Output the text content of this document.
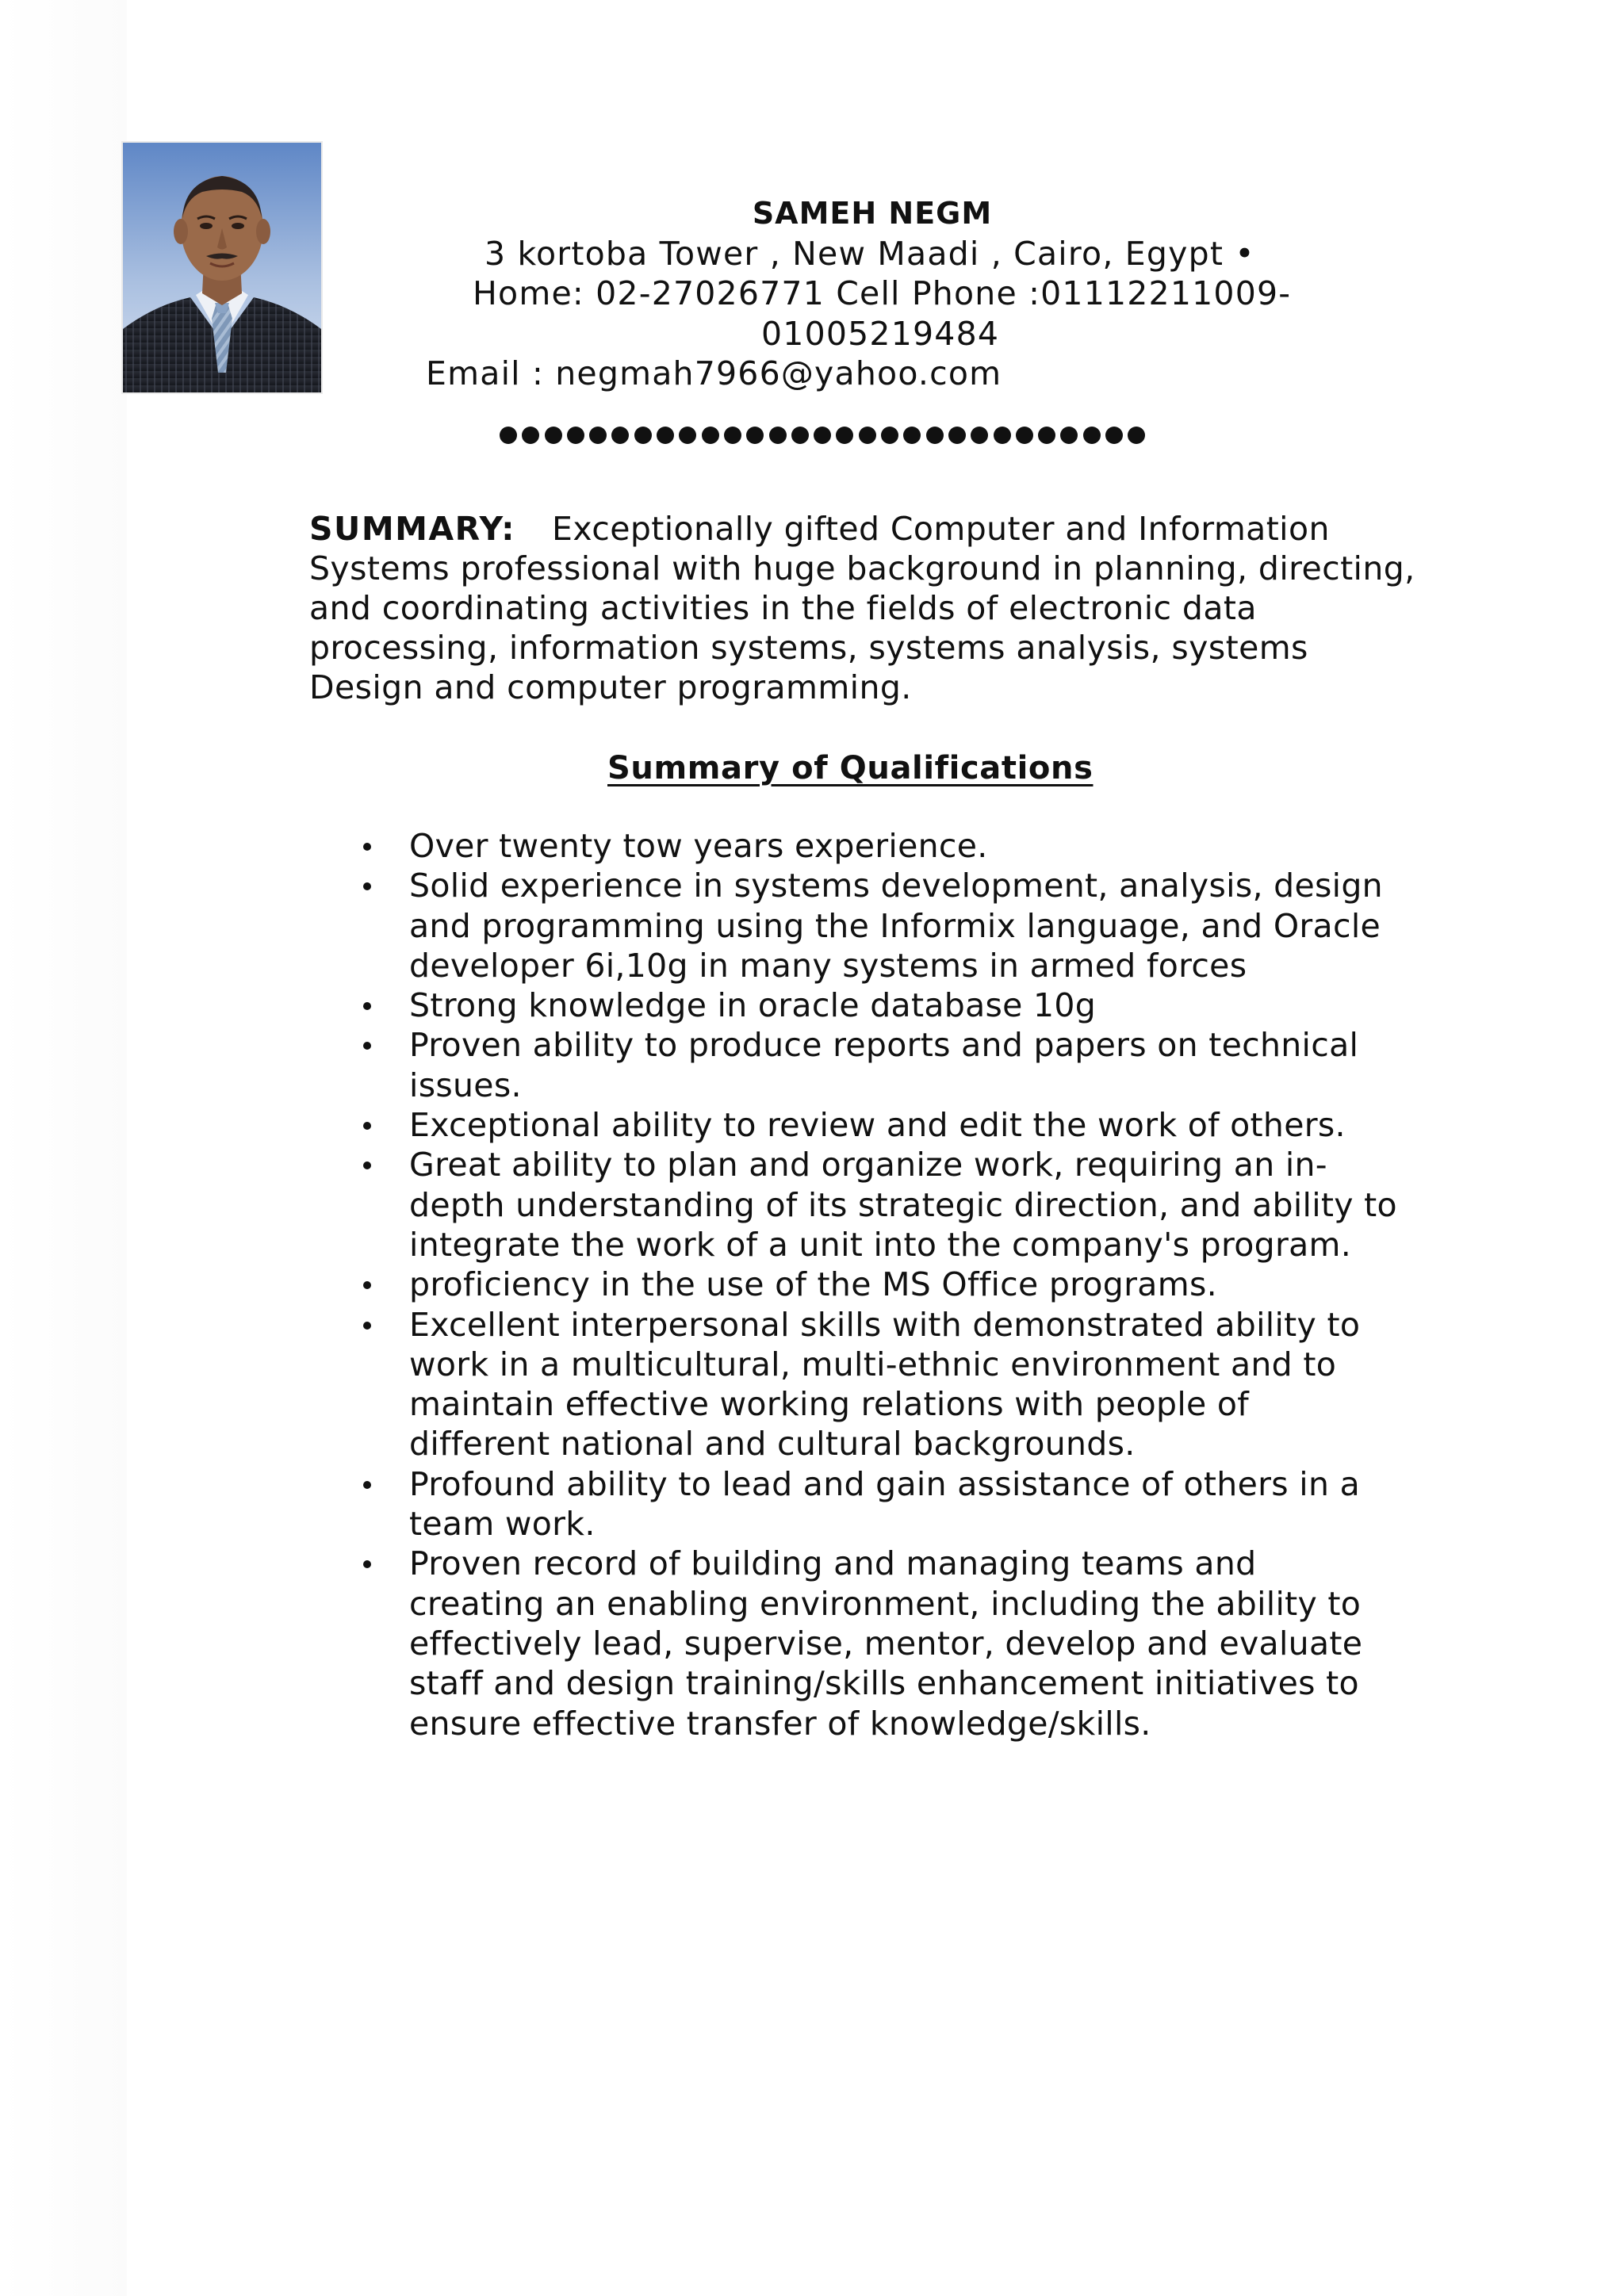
SAMEH NEGM
3 kortoba Tower , New Maadi , Cairo, Egypt •
Home: 02-27026771 Cell Phone :01112211009-
01005219484
Email : negmah7966@yahoo.com
SUMMARY: Exceptionally gifted Computer and Information Systems professional with huge background in planning, directing, and coordinating activities in the fields of electronic data processing, information systems, systems analysis, systems Design and computer programming.
Summary of Qualifications
Over twenty tow years experience.
Solid experience in systems development, analysis, design and programming using the Informix language, and Oracle developer 6i,10g in many systems in armed forces
Strong knowledge in oracle database 10g
Proven ability to produce reports and papers on technical issues.
Exceptional ability to review and edit the work of others.
Great ability to plan and organize work, requiring an in-depth understanding of its strategic direction, and ability to integrate the work of a unit into the company's program.
proficiency in the use of the MS Office programs.
Excellent interpersonal skills with demonstrated ability to work in a multicultural, multi-ethnic environment and to maintain effective working relations with people of different national and cultural backgrounds.
Profound ability to lead and gain assistance of others in a team work.
Proven record of building and managing teams and creating an enabling environment, including the ability to effectively lead, supervise, mentor, develop and evaluate staff and design training/skills enhancement initiatives to ensure effective transfer of knowledge/skills.
